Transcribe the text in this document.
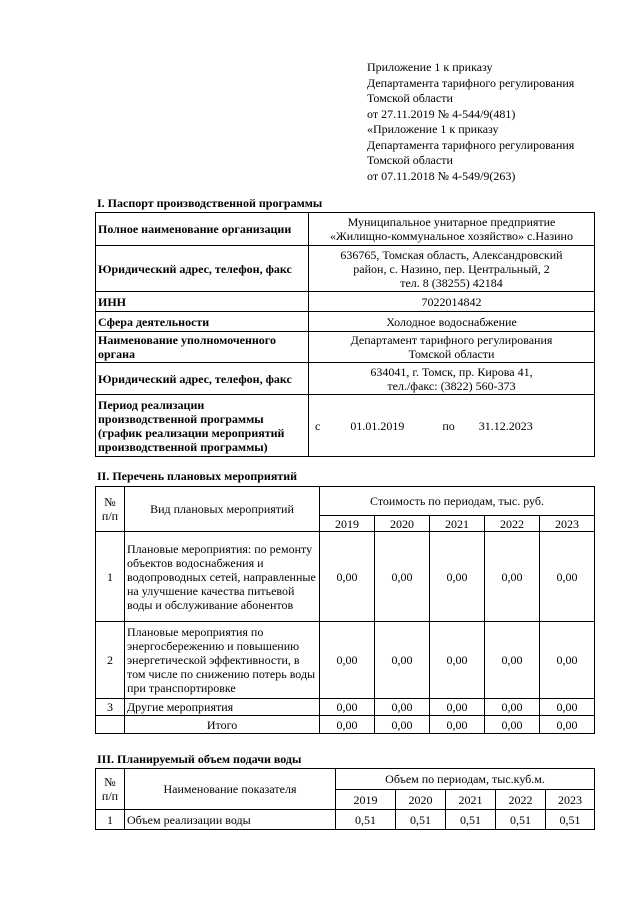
Приложение 1 к приказу
Департамента тарифного регулирования
Томской области
от 27.11.2019 № 4-544/9(481)
«Приложение 1 к приказу
Департамента тарифного регулирования
Томской области
от 07.11.2018 № 4-549/9(263)
I. Паспорт производственной программы
Полное наименование организации	Муниципальное унитарное предприятие
«Жилищно-коммунальное хозяйство» с.Назино

Юридический адрес, телефон, факс	636765, Томская область, Александровский
район, с. Назино, пер. Центральный, 2
тел. 8 (38255) 42184

ИНН	7022014842
Сфера деятельности	Холодное водоснабжение
Наименование уполномоченного органа	Департамент тарифного регулирования
Томской области

Юридический адрес, телефон, факс	634041, г. Томск, пр. Кирова 41,
тел./факс: (3822) 560-373

Период реализации производственной программы (график реализации мероприятий производственной программы)	с 01.01.2019 по 31.12.2023
II. Перечень плановых мероприятий
№ п/п	Вид плановых мероприятий	Стоимость по периодам, тыс. руб.				
		2019	2020	2021	2022	2023
1	Плановые мероприятия: по ремонту объектов водоснабжения и водопроводных сетей, направленные на улучшение качества питьевой воды и обслуживание абонентов	0,00	0,00	0,00	0,00	0,00
2	Плановые мероприятия по энергосбережению и повышению энергетической эффективности, в том числе по снижению потерь воды при транспортировке	0,00	0,00	0,00	0,00	0,00
3	Другие мероприятия	0,00	0,00	0,00	0,00	0,00
	Итого	0,00	0,00	0,00	0,00	0,00
III. Планируемый объем подачи воды
№ п/п	Наименование показателя	Объем по периодам, тыс.куб.м.				
		2019	2020	2021	2022	2023
1	Объем реализации воды	0,51	0,51	0,51	0,51	0,51
